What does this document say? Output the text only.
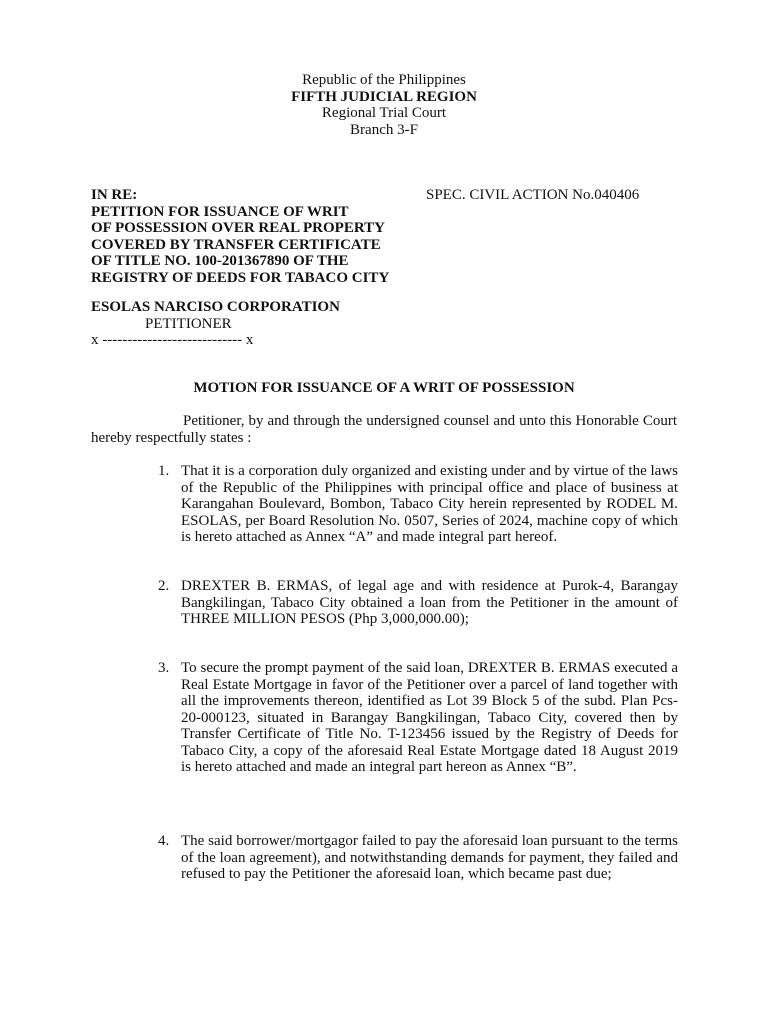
Republic of the Philippines
FIFTH JUDICIAL REGION
Regional Trial Court
Branch 3-F
IN RE:
PETITION FOR ISSUANCE OF WRIT
OF POSSESSION OVER REAL PROPERTY
COVERED BY TRANSFER CERTIFICATE
OF TITLE NO. 100-201367890 OF THE
REGISTRY OF DEEDS FOR TABACO CITY
SPEC. CIVIL ACTION No.040406
ESOLAS NARCISO CORPORATION
PETITIONER
x ---------------------------- x
MOTION FOR ISSUANCE OF A WRIT OF POSSESSION
Petitioner, by and through the undersigned counsel and unto this Honorable Court hereby respectfully states :
1. That it is a corporation duly organized and existing under and by virtue of the laws of the Republic of the Philippines with principal office and place of business at Karangahan Boulevard, Bombon, Tabaco City herein represented by RODEL M. ESOLAS, per Board Resolution No. 0507, Series of 2024, machine copy of which is hereto attached as Annex “A” and made integral part hereof.
2. DREXTER B. ERMAS, of legal age and with residence at Purok-4, Barangay Bangkilingan, Tabaco City obtained a loan from the Petitioner in the amount of THREE MILLION PESOS (Php 3,000,000.00);
3. To secure the prompt payment of the said loan, DREXTER B. ERMAS executed a Real Estate Mortgage in favor of the Petitioner over a parcel of land together with all the improvements thereon, identified as Lot 39 Block 5 of the subd. Plan Pcs-20-000123, situated in Barangay Bangkilingan, Tabaco City, covered then by Transfer Certificate of Title No. T-123456 issued by the Registry of Deeds for Tabaco City, a copy of the aforesaid Real Estate Mortgage dated 18 August 2019 is hereto attached and made an integral part hereon as Annex “B”.
4. The said borrower/mortgagor failed to pay the aforesaid loan pursuant to the terms of the loan agreement), and notwithstanding demands for payment, they failed and refused to pay the Petitioner the aforesaid loan, which became past due;
